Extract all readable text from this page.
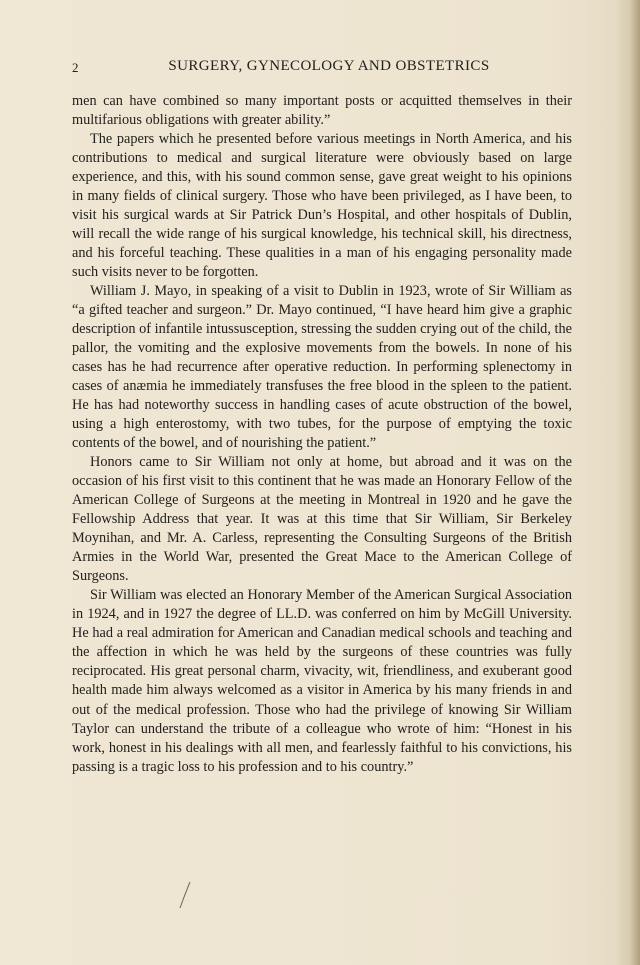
2	SURGERY, GYNECOLOGY AND OBSTETRICS

men can have combined so many important posts or acquitted themselves in their multifarious obligations with greater ability.”

The papers which he presented before various meetings in North America, and his contributions to medical and surgical literature were obviously based on large experience, and this, with his sound common sense, gave great weight to his opinions in many fields of clinical surgery. Those who have been privileged, as I have been, to visit his surgical wards at Sir Patrick Dun’s Hospital, and other hospitals of Dublin, will recall the wide range of his surgical knowledge, his technical skill, his directness, and his forceful teaching. These qualities in a man of his engaging personality made such visits never to be forgotten.

William J. Mayo, in speaking of a visit to Dublin in 1923, wrote of Sir William as “a gifted teacher and surgeon.” Dr. Mayo continued, “I have heard him give a graphic description of infantile intussusception, stressing the sudden crying out of the child, the pallor, the vomiting and the explosive movements from the bowels. In none of his cases has he had recurrence after operative reduction. In performing splenectomy in cases of anæmia he immediately transfuses the free blood in the spleen to the patient. He has had noteworthy success in handling cases of acute obstruction of the bowel, using a high enterostomy, with two tubes, for the purpose of emptying the toxic contents of the bowel, and of nourishing the patient.”

Honors came to Sir William not only at home, but abroad and it was on the occasion of his first visit to this continent that he was made an Honorary Fellow of the American College of Surgeons at the meeting in Montreal in 1920 and he gave the Fellowship Address that year. It was at this time that Sir William, Sir Berkeley Moynihan, and Mr. A. Carless, representing the Consulting Surgeons of the British Armies in the World War, presented the Great Mace to the American College of Surgeons.

Sir William was elected an Honorary Member of the American Surgical Association in 1924, and in 1927 the degree of LL.D. was conferred on him by McGill University. He had a real admiration for American and Canadian medical schools and teaching and the affection in which he was held by the surgeons of these countries was fully reciprocated. His great personal charm, vivacity, wit, friendliness, and exuberant good health made him always welcomed as a visitor in America by his many friends in and out of the medical profession. Those who had the privilege of knowing Sir William Taylor can understand the tribute of a colleague who wrote of him: “Honest in his work, honest in his dealings with all men, and fearlessly faithful to his convictions, his passing is a tragic loss to his profession and to his country.”
